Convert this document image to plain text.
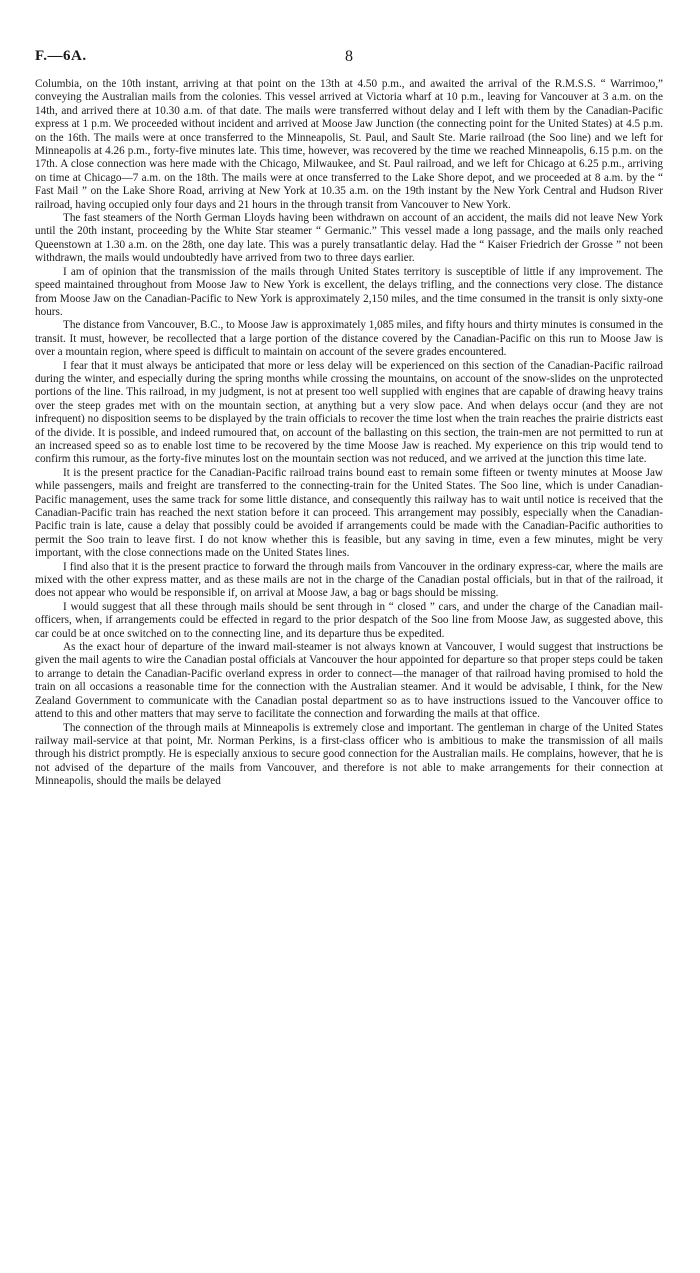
F.—6A.	8

Columbia, on the 10th instant, arriving at that point on the 13th at 4.50 p.m., and awaited the arrival of the R.M.S.S. “ Warrimoo,” conveying the Australian mails from the colonies. This vessel arrived at Victoria wharf at 10 p.m., leaving for Vancouver at 3 a.m. on the 14th, and arrived there at 10.30 a.m. of that date. The mails were transferred without delay and I left with them by the Canadian-Pacific express at 1 p.m. We proceeded without incident and arrived at Moose Jaw Junction (the connecting point for the United States) at 4.5 p.m. on the 16th. The mails were at once transferred to the Minneapolis, St. Paul, and Sault Ste. Marie railroad (the Soo line) and we left for Minneapolis at 4.26 p.m., forty-five minutes late. This time, however, was recovered by the time we reached Minneapolis, 6.15 p.m. on the 17th. A close connection was here made with the Chicago, Milwaukee, and St. Paul railroad, and we left for Chicago at 6.25 p.m., arriving on time at Chicago—7 a.m. on the 18th. The mails were at once transferred to the Lake Shore depot, and we proceeded at 8 a.m. by the “ Fast Mail ” on the Lake Shore Road, arriving at New York at 10.35 a.m. on the 19th instant by the New York Central and Hudson River railroad, having occupied only four days and 21 hours in the through transit from Vancouver to New York.

The fast steamers of the North German Lloyds having been withdrawn on account of an accident, the mails did not leave New York until the 20th instant, proceeding by the White Star steamer “ Germanic.” This vessel made a long passage, and the mails only reached Queenstown at 1.30 a.m. on the 28th, one day late. This was a purely transatlantic delay. Had the “ Kaiser Friedrich der Grosse ” not been withdrawn, the mails would undoubtedly have arrived from two to three days earlier.

I am of opinion that the transmission of the mails through United States territory is susceptible of little if any improvement. The speed maintained throughout from Moose Jaw to New York is excellent, the delays trifling, and the connections very close. The distance from Moose Jaw on the Canadian-Pacific to New York is approximately 2,150 miles, and the time consumed in the transit is only sixty-one hours.

The distance from Vancouver, B.C., to Moose Jaw is approximately 1,085 miles, and fifty hours and thirty minutes is consumed in the transit. It must, however, be recollected that a large portion of the distance covered by the Canadian-Pacific on this run to Moose Jaw is over a mountain region, where speed is difficult to maintain on account of the severe grades encountered.

I fear that it must always be anticipated that more or less delay will be experienced on this section of the Canadian-Pacific railroad during the winter, and especially during the spring months while crossing the mountains, on account of the snow-slides on the unprotected portions of the line. This railroad, in my judgment, is not at present too well supplied with engines that are capable of drawing heavy trains over the steep grades met with on the mountain section, at anything but a very slow pace. And when delays occur (and they are not infrequent) no disposition seems to be displayed by the train officials to recover the time lost when the train reaches the prairie districts east of the divide. It is possible, and indeed rumoured that, on account of the ballasting on this section, the train-men are not permitted to run at an increased speed so as to enable lost time to be recovered by the time Moose Jaw is reached. My experience on this trip would tend to confirm this rumour, as the forty-five minutes lost on the mountain section was not reduced, and we arrived at the junction this time late.

It is the present practice for the Canadian-Pacific railroad trains bound east to remain some fifteen or twenty minutes at Moose Jaw while passengers, mails and freight are transferred to the connecting-train for the United States. The Soo line, which is under Canadian-Pacific management, uses the same track for some little distance, and consequently this railway has to wait until notice is received that the Canadian-Pacific train has reached the next station before it can proceed. This arrangement may possibly, especially when the Canadian-Pacific train is late, cause a delay that possibly could be avoided if arrangements could be made with the Canadian-Pacific authorities to permit the Soo train to leave first. I do not know whether this is feasible, but any saving in time, even a few minutes, might be very important, with the close connections made on the United States lines.

I find also that it is the present practice to forward the through mails from Vancouver in the ordinary express-car, where the mails are mixed with the other express matter, and as these mails are not in the charge of the Canadian postal officials, but in that of the railroad, it does not appear who would be responsible if, on arrival at Moose Jaw, a bag or bags should be missing.

I would suggest that all these through mails should be sent through in “ closed ” cars, and under the charge of the Canadian mail-officers, when, if arrangements could be effected in regard to the prior despatch of the Soo line from Moose Jaw, as suggested above, this car could be at once switched on to the connecting line, and its departure thus be expedited.

As the exact hour of departure of the inward mail-steamer is not always known at Vancouver, I would suggest that instructions be given the mail agents to wire the Canadian postal officials at Vancouver the hour appointed for departure so that proper steps could be taken to arrange to detain the Canadian-Pacific overland express in order to connect—the manager of that railroad having promised to hold the train on all occasions a reasonable time for the connection with the Australian steamer. And it would be advisable, I think, for the New Zealand Government to communicate with the Canadian postal department so as to have instructions issued to the Vancouver office to attend to this and other matters that may serve to facilitate the connection and forwarding the mails at that office.

The connection of the through mails at Minneapolis is extremely close and important. The gentleman in charge of the United States railway mail-service at that point, Mr. Norman Perkins, is a first-class officer who is ambitious to make the transmission of all mails through his district promptly. He is especially anxious to secure good connection for the Australian mails. He complains, however, that he is not advised of the departure of the mails from Vancouver, and therefore is not able to make arrangements for their connection at Minneapolis, should the mails be delayed
